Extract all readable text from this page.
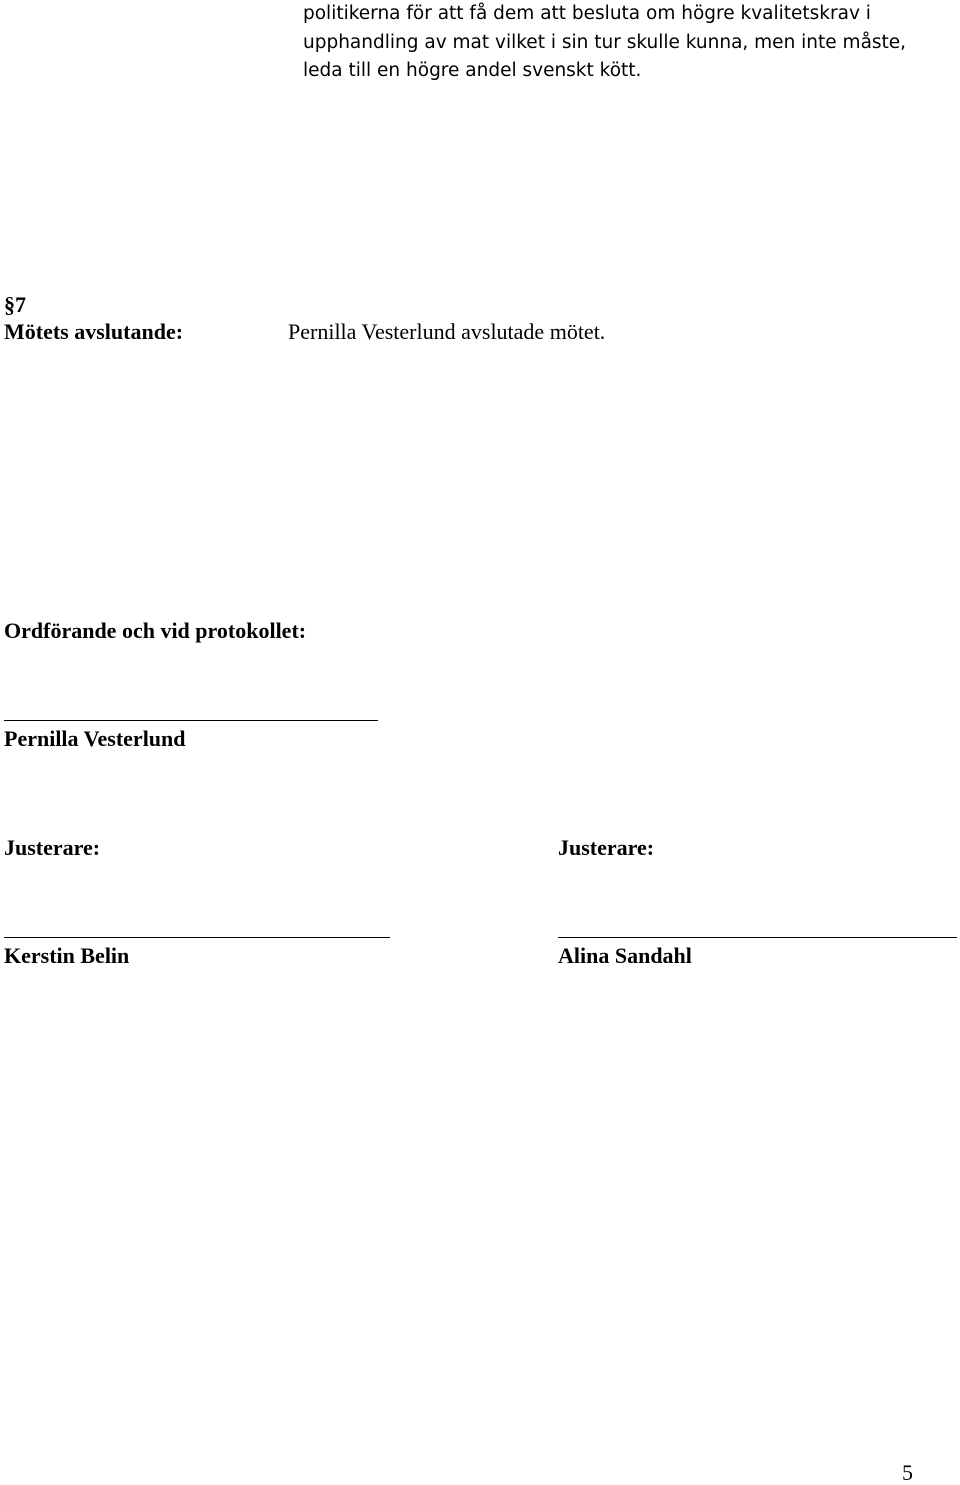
politikerna för att få dem att besluta om högre kvalitetskrav i
upphandling av mat vilket i sin tur skulle kunna, men inte måste,
leda till en högre andel svenskt kött.
§7
Mötets avslutande:	Pernilla Vesterlund avslutade mötet.
Ordförande och vid protokollet:
Pernilla Vesterlund
Justerare:	Justerare:
Kerstin Belin	Alina Sandahl
5
